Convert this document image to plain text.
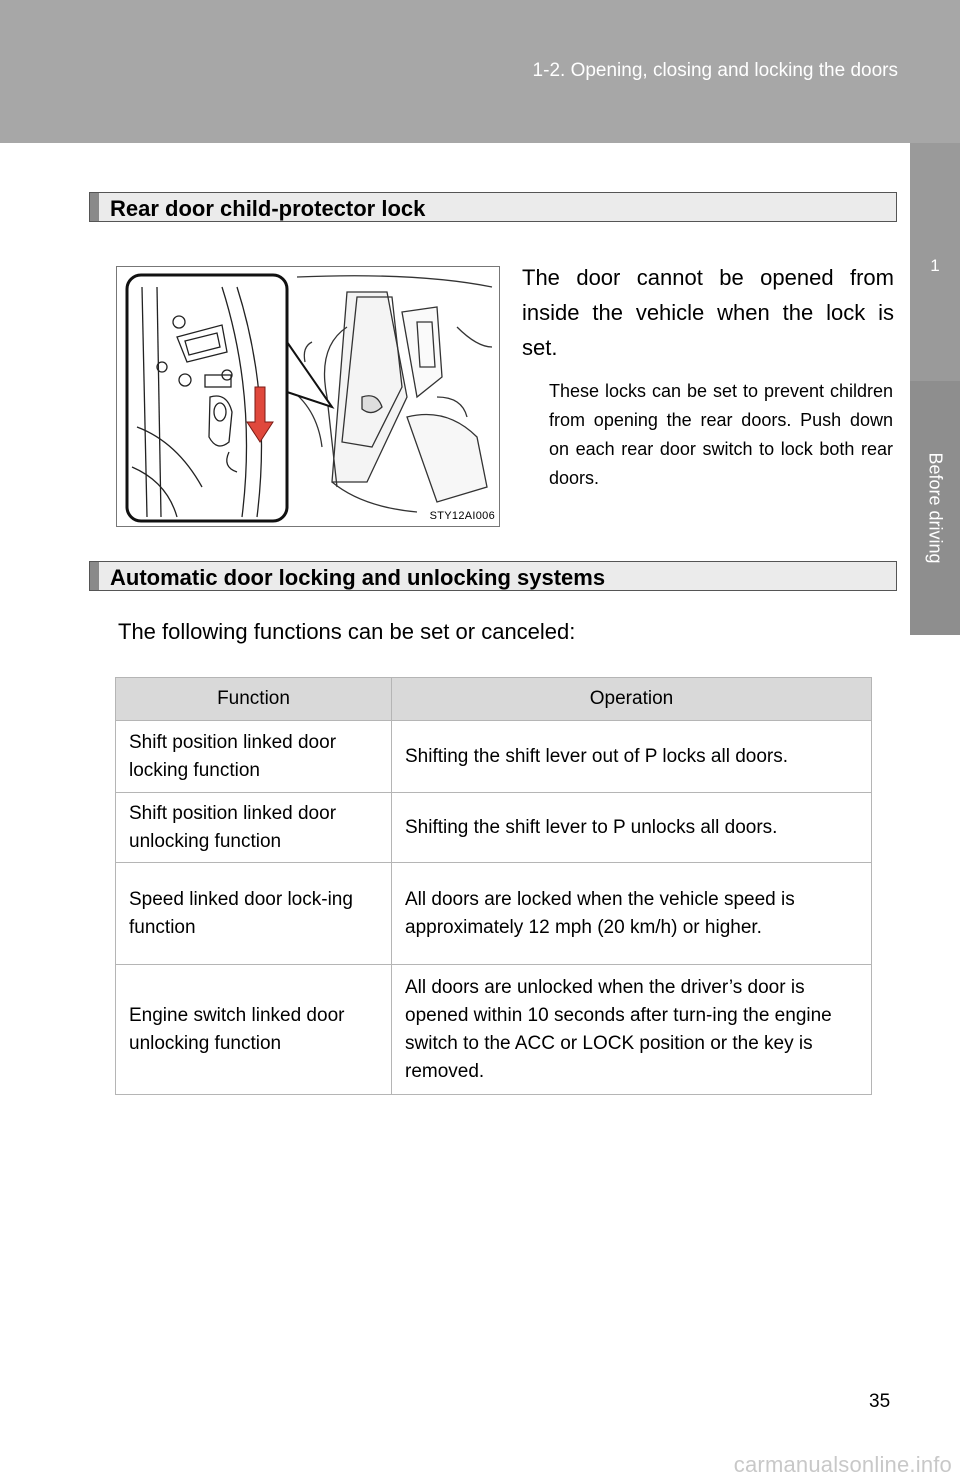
1-2. Opening, closing and locking the doors
1
Before driving
Rear door child-protector lock
STY12AI006
The door cannot be opened from inside the vehicle when the lock is set.
These locks can be set to prevent children from opening the rear doors. Push down on each rear door switch to lock both rear doors.
Automatic door locking and unlocking systems
The following functions can be set or canceled:
Function	Operation
Shift position linked door locking function	Shifting the shift lever out of P locks all doors.
Shift position linked door unlocking function	Shifting the shift lever to P unlocks all doors.
Speed linked door lock-ing function	All doors are locked when the vehicle speed is approximately 12 mph (20 km/h) or higher.
Engine switch linked door unlocking function	All doors are unlocked when the driver’s door is opened within 10 seconds after turn-ing the engine switch to the ACC or LOCK position or the key is removed.
35
carmanualsonline.info
